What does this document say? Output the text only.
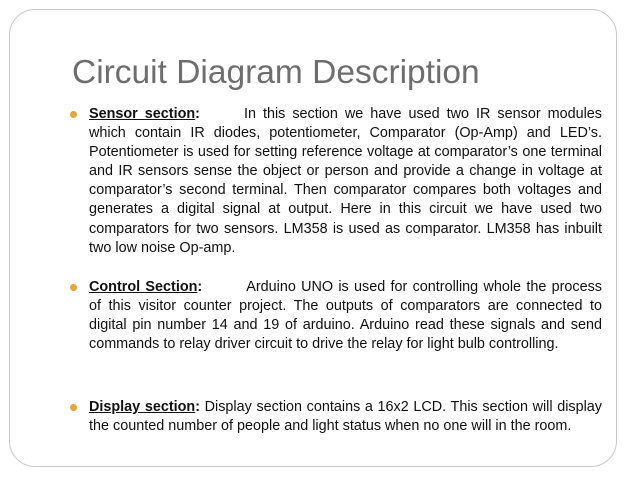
Circuit Diagram Description
Sensor section:	In this section we have used two IR sensor modules which contain IR diodes, potentiometer, Comparator (Op-Amp) and LED’s. Potentiometer is used for setting reference voltage at comparator’s one terminal and IR sensors sense the object or person and provide a change in voltage at comparator’s second terminal. Then comparator compares both voltages and generates a digital signal at output. Here in this circuit we have used two comparators for two sensors. LM358 is used as comparator. LM358 has inbuilt two low noise Op-amp.
Control Section:	Arduino UNO is used for controlling whole the process of this visitor counter project. The outputs of comparators are connected to digital pin number 14 and 19 of arduino. Arduino read these signals and send commands to relay driver circuit to drive the relay for light bulb controlling.
Display section: Display section contains a 16x2 LCD. This section will display the counted number of people and light status when no one will in the room.
